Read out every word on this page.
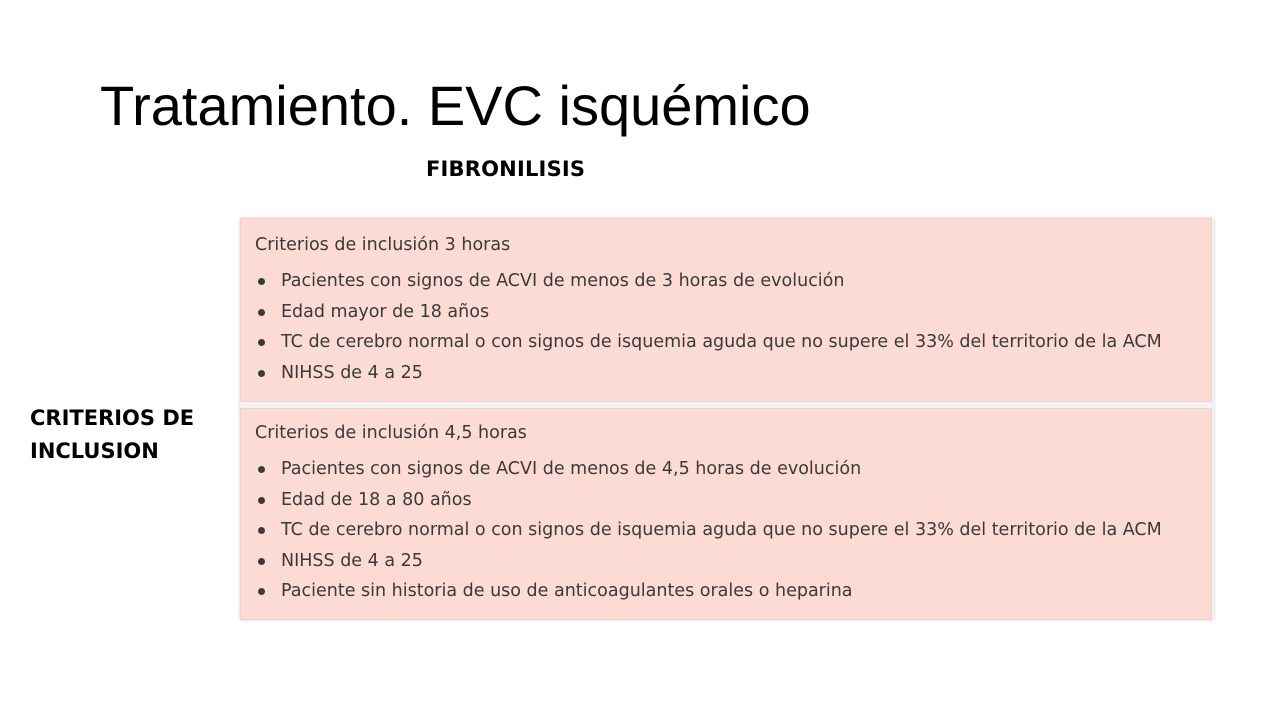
Tratamiento. EVC isquémico
FIBRONILISIS
CRITERIOS DE
INCLUSION
Criterios de inclusión 3 horas
Pacientes con signos de ACVI de menos de 3 horas de evolución
Edad mayor de 18 años
TC de cerebro normal o con signos de isquemia aguda que no supere el 33% del territorio de la ACM
NIHSS de 4 a 25
Criterios de inclusión 4,5 horas
Pacientes con signos de ACVI de menos de 4,5 horas de evolución
Edad de 18 a 80 años
TC de cerebro normal o con signos de isquemia aguda que no supere el 33% del territorio de la ACM
NIHSS de 4 a 25
Paciente sin historia de uso de anticoagulantes orales o heparina
